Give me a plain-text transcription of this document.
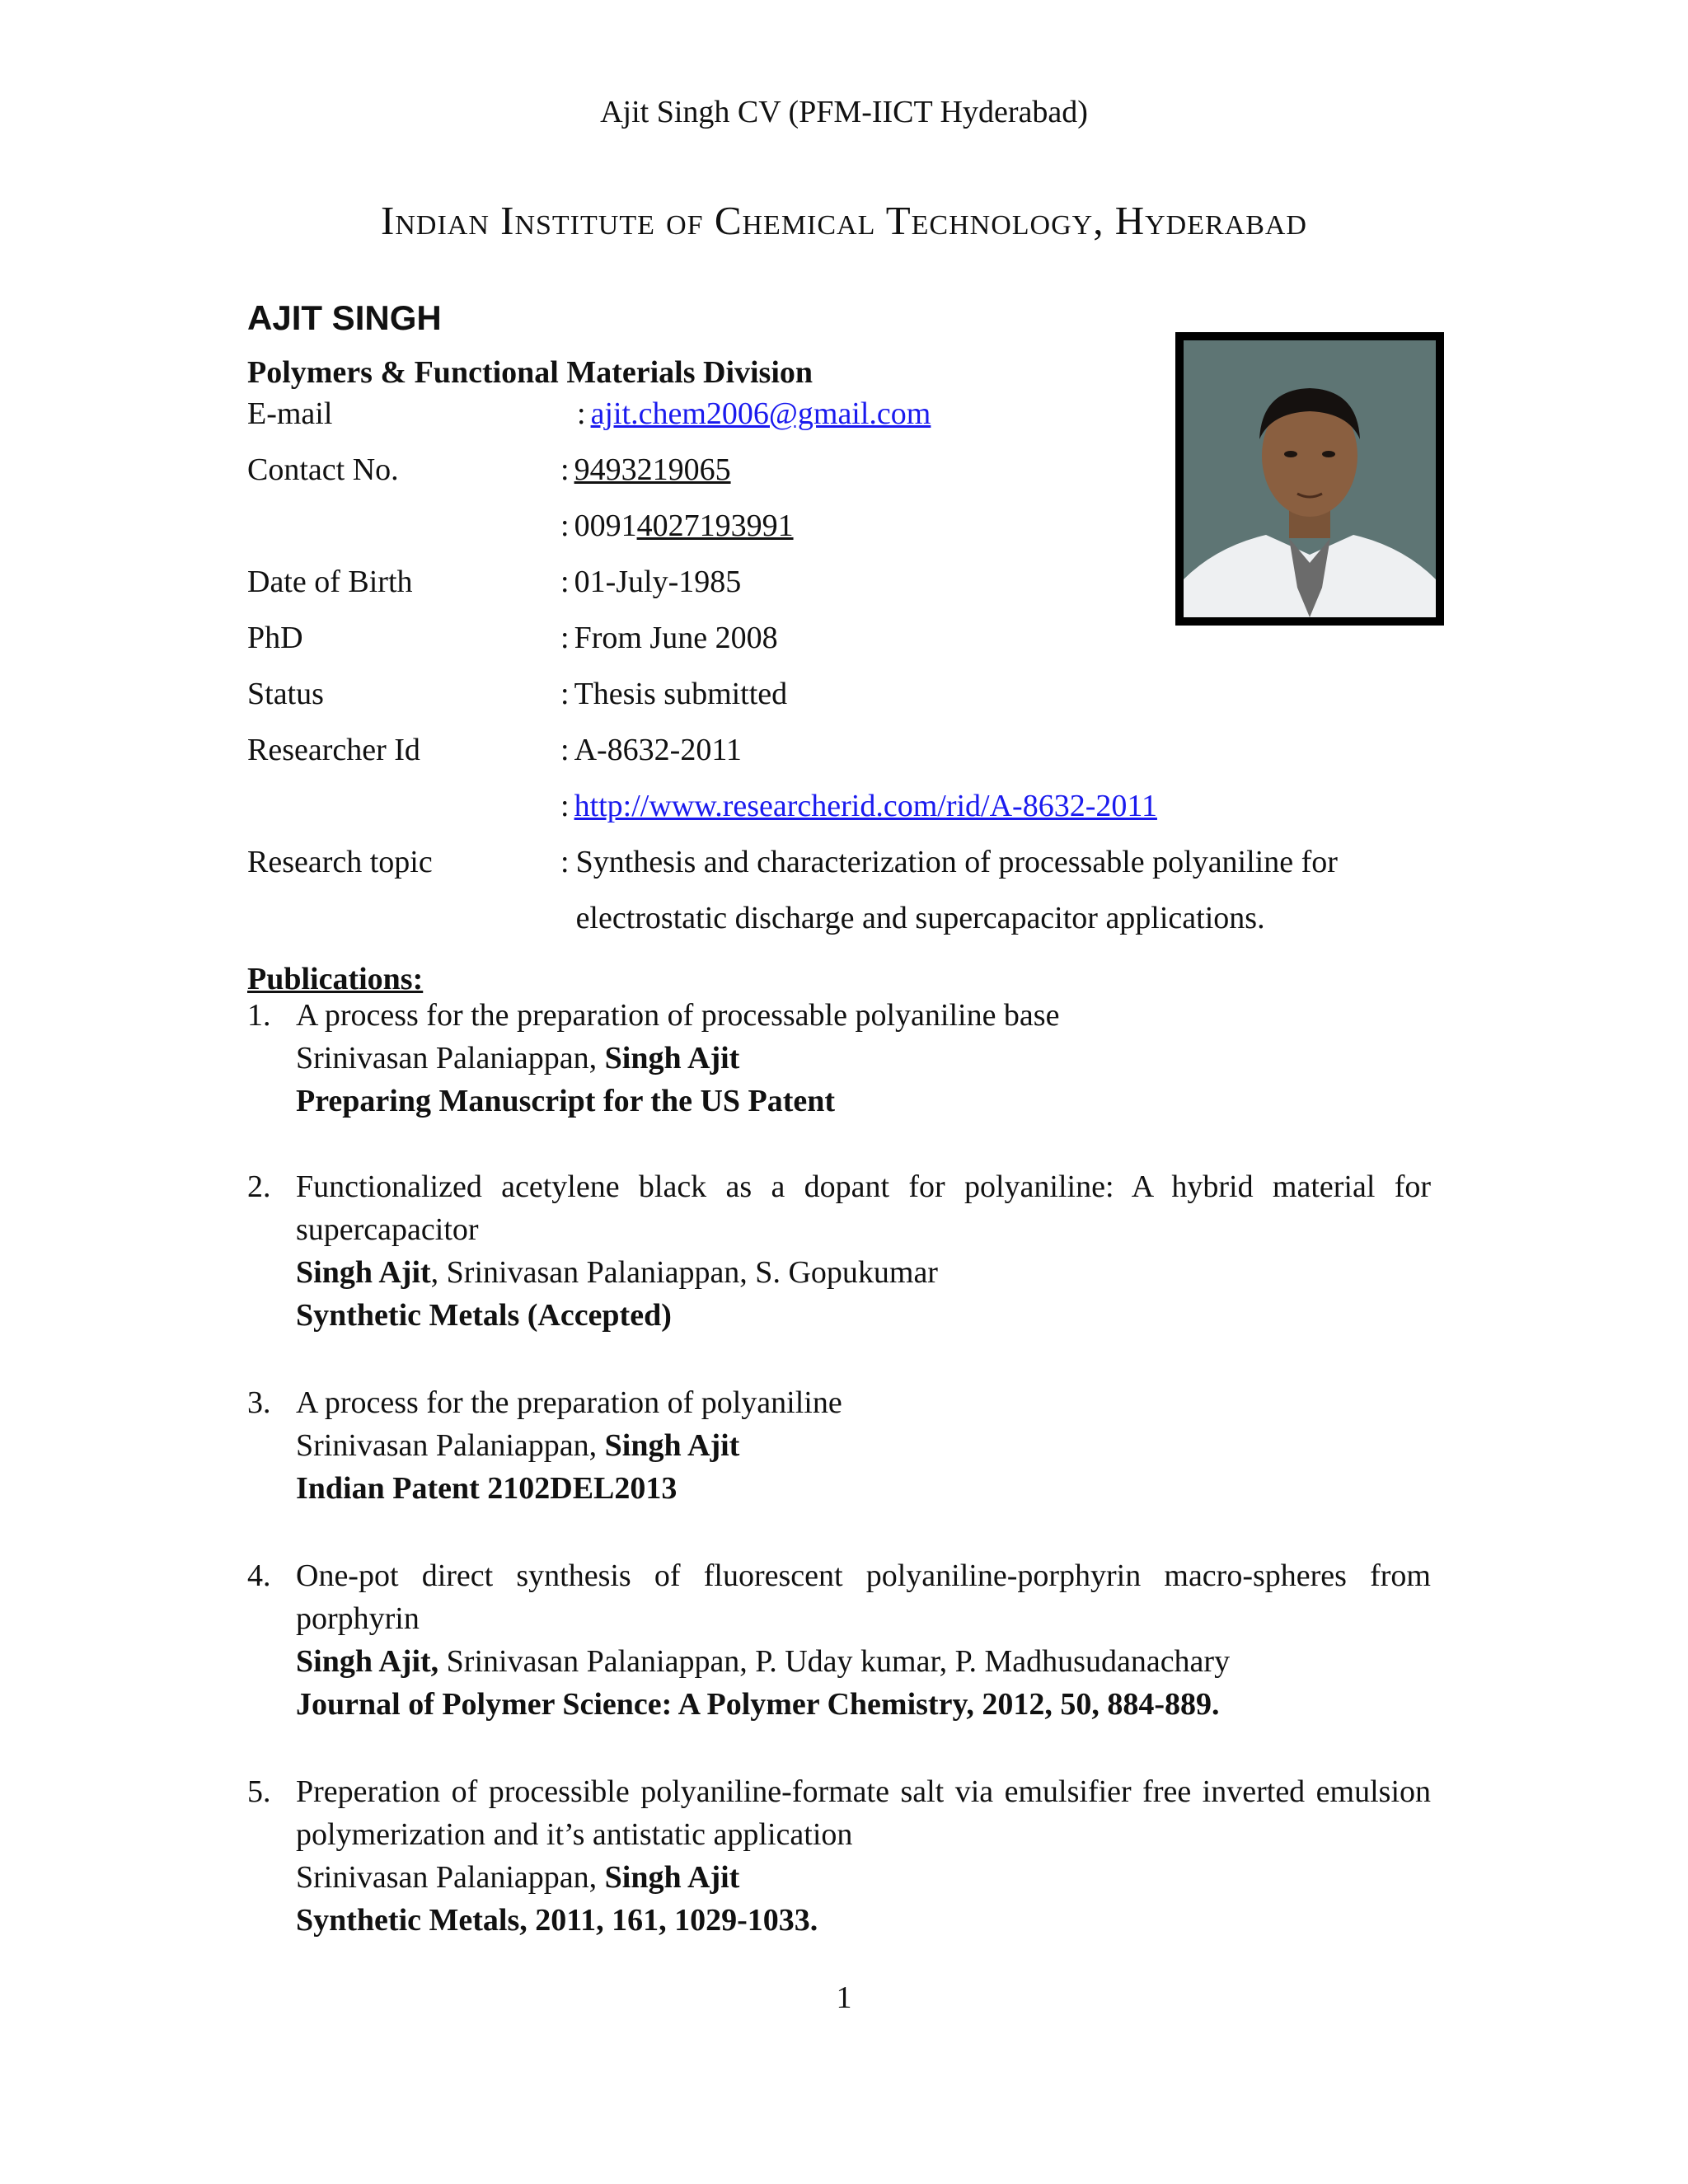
Ajit Singh CV (PFM-IICT Hyderabad)
Indian Institute of Chemical Technology, Hyderabad
AJIT SINGH
Polymers & Functional Materials Division
E-mail	: ajit.chem2006@gmail.com
Contact No.	: 9493219065
: 00914027193991
Date of Birth	: 01-July-1985
PhD	: From June 2008
Status	: Thesis submitted
Researcher Id	: A-8632-2011
: http://www.researcherid.com/rid/A-8632-2011
Research topic	: Synthesis and characterization of processable polyaniline for electrostatic discharge and supercapacitor applications.
Publications:
1. A process for the preparation of processable polyaniline base
Srinivasan Palaniappan, Singh Ajit
Preparing Manuscript for the US Patent
2. Functionalized acetylene black as a dopant for polyaniline: A hybrid material for supercapacitor
Singh Ajit, Srinivasan Palaniappan, S. Gopukumar
Synthetic Metals (Accepted)
3. A process for the preparation of polyaniline
Srinivasan Palaniappan, Singh Ajit
Indian Patent 2102DEL2013
4. One-pot direct synthesis of fluorescent polyaniline-porphyrin macro-spheres from porphyrin
Singh Ajit, Srinivasan Palaniappan, P. Uday kumar, P. Madhusudanachary
Journal of Polymer Science: A Polymer Chemistry, 2012, 50, 884-889.
5. Preperation of processible polyaniline-formate salt via emulsifier free inverted emulsion polymerization and it’s antistatic application
Srinivasan Palaniappan, Singh Ajit
Synthetic Metals, 2011, 161, 1029-1033.
1
